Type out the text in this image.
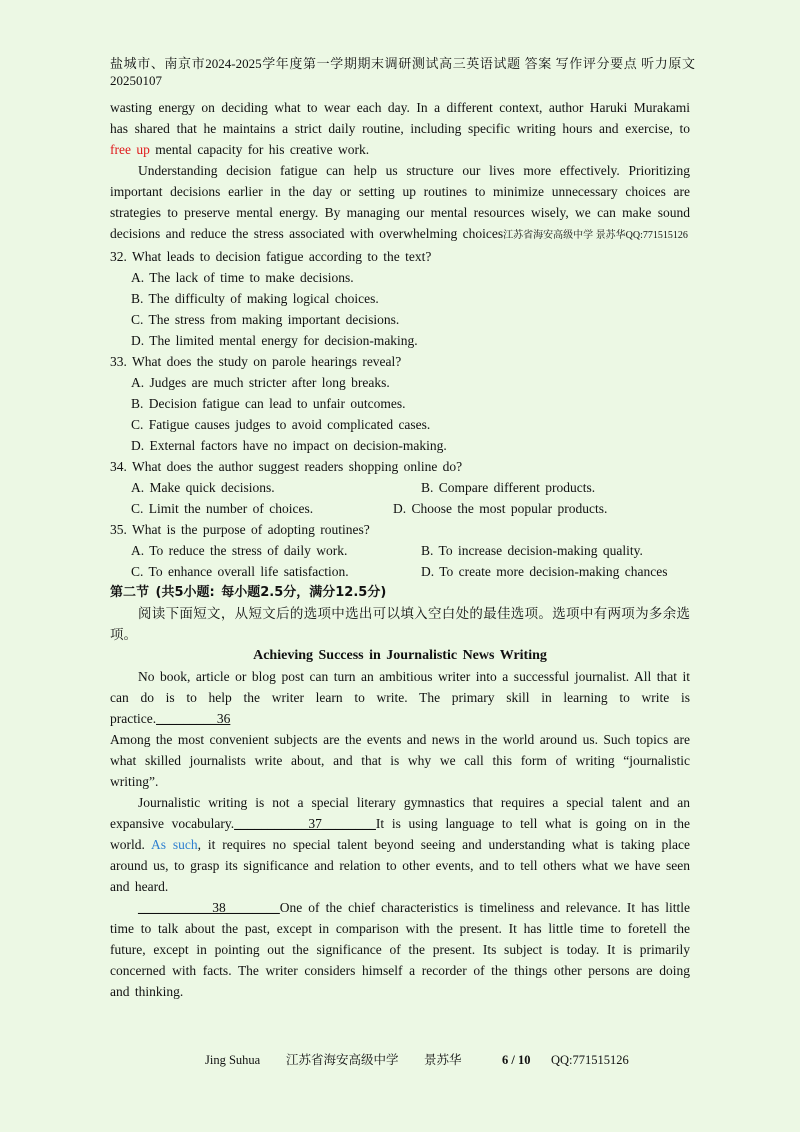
盐城市、南京市2024-2025学年度第一学期期末调研测试高三英语试题 答案 写作评分要点 听力原文 20250107

wasting energy on deciding what to wear each day. In a different context, author Haruki Murakami has shared that he maintains a strict daily routine, including specific writing hours and exercise, to free up mental capacity for his creative work.

Understanding decision fatigue can help us structure our lives more effectively. Prioritizing important decisions earlier in the day or setting up routines to minimize unnecessary choices are strategies to preserve mental energy. By managing our mental resources wisely, we can make sound decisions and reduce the stress associated with overwhelming choices江苏省海安高级中学 景苏华QQ:771515126

32. What leads to decision fatigue according to the text?

A. The lack of time to make decisions.

B. The difficulty of making logical choices.

C. The stress from making important decisions.

D. The limited mental energy for decision-making.

33. What does the study on parole hearings reveal?

A. Judges are much stricter after long breaks.

B. Decision fatigue can lead to unfair outcomes.

C. Fatigue causes judges to avoid complicated cases.

D. External factors have no impact on decision-making.

34. What does the author suggest readers shopping online do?

A. Make quick decisions.	B. Compare different products.
C. Limit the number of choices.	D. Choose the most popular products.

35. What is the purpose of adopting routines?

A. To reduce the stress of daily work.	B. To increase decision-making quality.
C. To enhance overall life satisfaction.	D. To create more decision-making chances

第二节 (共5小题: 每小题2.5分，满分12.5分)

阅读下面短文，从短文后的选项中选出可以填入空白处的最佳选项。选项中有两项为多余选项。

Achieving Success in Journalistic News Writing

No book, article or blog post can turn an ambitious writer into a successful journalist. All that it can do is to help the writer learn to write. The primary skill in learning to write is practice._________36

Among the most convenient subjects are the events and news in the world around us. Such topics are what skilled journalists write about, and that is why we call this form of writing “journalistic writing”.

Journalistic writing is not a special literary gymnastics that requires a special talent and an expansive vocabulary.___________37________It is using language to tell what is going on in the world. As such, it requires no special talent beyond seeing and understanding what is taking place around us, to grasp its significance and relation to other events, and to tell others what we have seen and heard.

___________38________One of the chief characteristics is timeliness and relevance. It has little time to talk about the past, except in comparison with the present. It has little time to foretell the future, except in pointing out the significance of the present. Its subject is today. It is primarily concerned with facts. The writer considers himself a recorder of the things other persons are doing and thinking.

Jing Suhua 江苏省海安高级中学 景苏华	6 / 10 QQ:771515126
